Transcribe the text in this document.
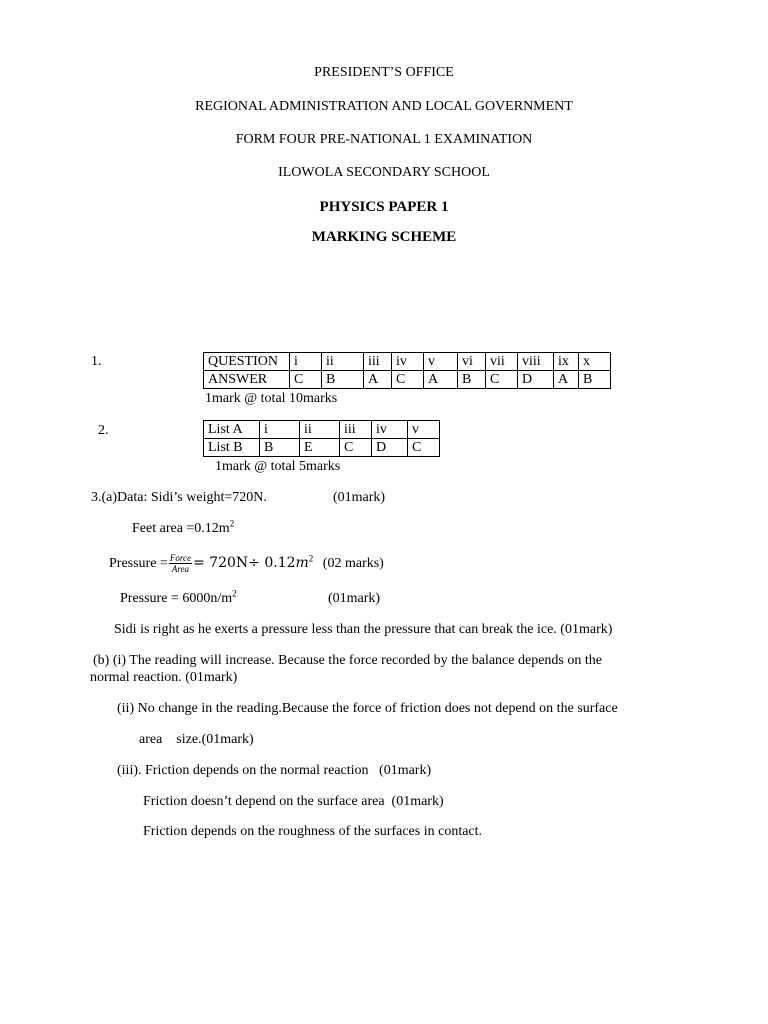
PRESIDENT’S OFFICE
REGIONAL ADMINISTRATION AND LOCAL GOVERNMENT
FORM FOUR PRE-NATIONAL 1 EXAMINATION
ILOWOLA SECONDARY SCHOOL
PHYSICS PAPER 1
MARKING SCHEME
1.	QUESTION	i	ii	iii	iv	v	vi	vii	viii	ix	x
ANSWER	C	B	A	C	A	B	C	D	A	B
1mark @ total 10marks
2.	List A	i	ii	iii	iv	v
List B	B	E	C	D	C
1mark @ total 5marks
3.(a)Data: Sidi’s weight=720N.	(01mark)
Feet area $=0.12m^2$
Pressure = $\frac{\text{Force}}{\text{Area}} = 720N\div 0.12m^2$ (02 marks)
Pressure = $6000n/m^2$	(01mark)
Sidi is right as he exerts a pressure less than the pressure that can break the ice. (01mark)
(b) (i) The reading will increase. Because the force recorded by the balance depends on the
normal reaction. (01mark)
(ii) No change in the reading.Because the force of friction does not depend on the surface
area    size.(01mark)
(iii). Friction depends on the normal reaction   (01mark)
Friction doesn’t depend on the surface area  (01mark)
Friction depends on the roughness of the surfaces in contact.
